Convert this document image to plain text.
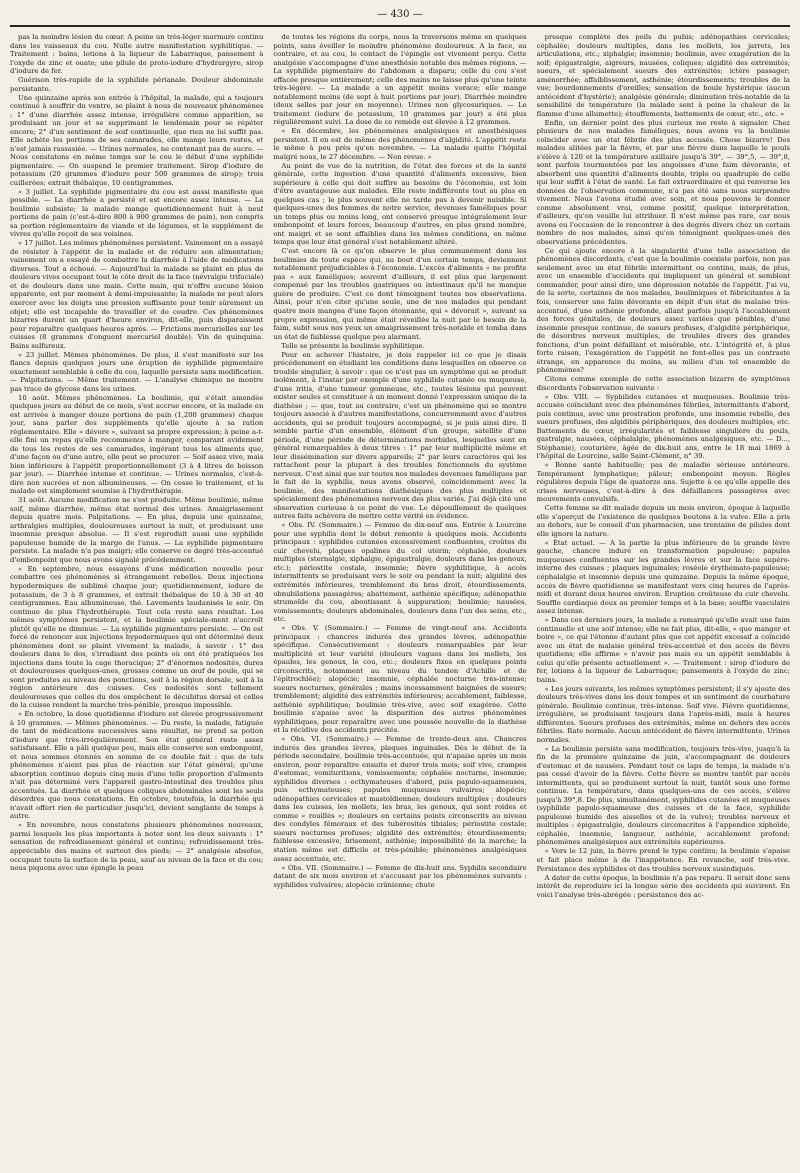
— 430 —

pas la moindre lésion du cœur. A peine un très-léger murmure continu dans les vaisseaux du cou. Nulle autre manifestation syphilitique. — Traitement : bains, lotions à la liqueur de Labarraque, pansement à l'oxyde de zinc et ouate; une pilule de proto-iodure d'hydrargyre, sirop d'iodure de fer.

Guérison très-rapide de la syphilide périanale. Douleur abdominale persistante.

Une quinzaine après son entrée à l'hôpital, la malade, qui a toujours continué à souffrir du ventre, se plaint à nous de nouveaux phénomènes : 1° d'une diarrhée assez intense, irrégulière comme apparition, se produisant un jour et se supprimant le lendemain pour se répéter encore; 2° d'un sentiment de soif continuelle, que rien ne lui suffit pas. Elle achète les portions de ses camarades, elle mange leurs restes, et n'est jamais rassasiée. — Urines normales, ne contenant pas de sucre. — Nous constatons en même temps sur le cou le début d'une syphilide pigmentaire. — On suspend le premier traitement. Sirop d'iodure de potassium (20 grammes d'iodure pour 500 grammes de sirop); trois cuillerées; extrait thébaïque, 10 centigrammes.

« 3 juillet. La syphilide pigmentaire du cou est aussi manifeste que possible. — La diarrhée a persisté et est encore assez intense. — La boulimie subsiste; la malade mange quotidiennement huit à neuf portions de pain (c'est-à-dire 800 à 900 grammes de pain), non compris sa portion réglementaire de viande et de légumes, et le supplément de vivres qu'elle reçoit de ses voisines.

« 17 juillet. Les mêmes phénomènes persistent. Vainement on a essayé de résister à l'appétit de la malade et de réduire son alimentation; vainement on a essayé de combattre la diarrhée à l'aide de médications diverses. Tout a échoué. — Aujourd'hui la malade se plaint en plus de douleurs vives occupant tout le côté droit de la face (névralgie trifaciale) et de douleurs dans une main. Cette main, qui n'offre aucune lésion apparente, est par moment à demi-impuissante; la malade ne peut alors exercer avec les doigts une pression suffisante pour tenir sûrement un objet; elle est incapable de travailler et de coudre. Ces phénomènes bizarres durent un quart d'heure environ, dit-elle, puis disparaissent pour reparaître quelques heures après. — Frictions mercurielles sur les cuisses (8 grammes d'onguent mercuriel double). Vin de quinquina. Bains sulfureux.

« 23 juillet. Mêmes phénomènes. De plus, il s'est manifesté sur les flancs depuis quelques jours une éruption de syphilide pigmentaire exactement semblable à celle du cou, laquelle persiste sans modification. — Palpitations. — Même traitement. — L'analyse chimique ne montre pas trace de glycose dans les urines.

10 août. Mêmes phénomènes. La boulimie, qui s'était amendée quelques jours au début de ce mois, s'est accrue encore, et la malade en est arrivée à manger douze portions de pain (1,200 grammes) chaque jour, sans parler des suppléments qu'elle ajoute à sa ration réglementaire. Elle « dévore », suivant sa propre expression; à peine a-t-elle fini un repas qu'elle recommence à manger, comparant avidement de tous les restes de ses camarades, ingérant tous les aliments que, d'une façon ou d'une autre, elle peut se procurer. — Soif assez vive, mais bien inférieure à l'appétit proportionnellement (3 à 4 litres de boisson par jour). — Diarrhée intense et continue. — Urines normales, c'est-à-dire non sucrées et non albumineuses. — On cesse le traitement, et la malade est simplement soumise à l'hydrothérapie.

31 août. Aucune modification ne s'est produite. Même boulimie, même soif, même diarrhée, même état normal des urines. Amaigrissement depuis quatre mois. Palpitations. — En plus, depuis une quinzaine, arthralgies multiples, douloureuses surtout la nuit, et produisant une insomnie presque absolue. — Il s'est reproduit aussi une syphilide papuleuse humide de la marge de l'anus. — La syphilide pigmentaire persiste. La malade n'a pas maigri; elle conserve ce degré très-accentué d'embonpoint que nous avons signalé précédemment.

« En septembre, nous essayons d'une médication nouvelle pour combattre ces phénomènes si étrangement rebelles. Deux injections hypodermiques de sublimé chaque jour; quotidiennement, iodure de potassium, de 3 à 8 grammes, et extrait thébaïque de 10 à 30 et 40 centigrammes. Eau albumineuse, thé. Lavements laudanisés le soir. On continue de plus l'hydrothérapie. Tout cela reste sans résultat. Les mêmes symptômes persistent, et la boulimie spéciale-ment n'accroît plutôt qu'elle ne diminue. — La syphilide pigmentaire persiste. — On est forcé de renoncer aux injections hypodermiques qui ont déterminé deux phénomènes dont se plaint vivement la malade, à savoir : 1° des douleurs dans le dos, s'irradiant des points où ont été pratiquées les injections dans toute la cage thoracique; 2° d'énormes nodosités, dures et douloureuses quelques-unes, grosses comme un œuf de poule, qui se sont produites au niveau des ponctions, soit à la région dorsale, soit à la région antérieure des cuisses. Ces nodosités sont tellement douloureuses que celles du dos empêchent le décubitus dorsal et celles de la cuisse rendent la marche très-pénible, presque impossible.

« En octobre, la dose quotidienne d'iodure est élevée progressivement à 10 grammes. — Mêmes phénomènes. — Du reste, la malade, fatiguée de tant de médications successives sans résultat, ne prend sa potion d'iodure que très-irrégulièrement. Son état général reste assez satisfaisant. Elle a pâli quelque peu, mais elle conserve son embonpoint, et nous sommes étonnés en somme de ce double fait : que de tels phénomènes n'aient pas plus de réaction sur l'état général; qu'une absorption continue depuis cinq mois d'une telle proportion d'aliments n'ait pas déterminé vers l'appareil gastro-intestinal des troubles plus accentués. La diarrhée et quelques coliques abdominales sont les seuls désordres que nous constations. En octobre, toutefois, la diarrhée qui n'avait offert rien de particulier jusqu'ici, devient sanglante de temps à autre.

« En novembre, nous constatons plusieurs phénomènes nouveaux, parmi lesquels les plus importants à noter sont les deux suivants : 1° sensation de refroidissement général et continu; refroidissement très-appréciable des mains et surtout des pieds; — 2° analgésie absolue, occupant toute la surface de la peau, sauf au niveau de la face et du cou; nous piquons avec une épingle la peau

de toutes les régions du corps, nous la traversons même en quelques points, sans éveiller le moindre phénomène douloureux. A la face, au contraire, et au cou, le contact de l'épingle est vivement perçu. Cette analgésie s'accompagne d'une anesthésie notable des mêmes régions. — La syphilide pigmentaire de l'abdomen a disparu; celle du cou s'est effacée presque entièrement; celle des mains ne laisse plus qu'une teinte très-légère. — La malade a un appétit moins vorace; elle mange notablement moins (de sept à huit portions par jour). Diarrhée moindre (deux selles par jour en moyenne). Urines non glycosuriques. — Le traitement (iodure de potassium, 10 grammes par jour) a été plus régulièrement suivi. La dose de ce remède est élevée à 12 grammes.

« En décembre, les phénomènes analgésiques et anesthésiques persistent. Il en est de même des phénomènes d'algidité. L'appétit reste le même à peu près qu'en novembre. — La malade quitte l'hôpital malgré nous, le 27 décembre. — Non revue. »

Au point de vue de la nutrition, de l'état des forces et de la santé générale, cette ingestion d'une quantité d'aliments excessive, bien supérieure à celle qui doit suffire au besoins de l'économie, est loin d'être avantageuse aux malades. Elle reste indifférente tout au plus en quelques cas ; le plus souvent elle ne tarde pas à devenir nuisible. Si quelques-unes des femmes de notre service, devenues faméliques pour un temps plus ou moins long, ont conservé presque intégralement leur embonpoint et leurs forces, beaucoup d'autres, en plus grand nombre, ont maigri et se sont affaiblies dans les mêmes conditions, en même temps que leur état général s'est notablement altéré.

C'est encore là ce qu'on observe le plus communément dans les boulimies de toute espèce qui, au bout d'un certain temps, deviennent notablement préjudiciables à l'économie. L'excès d'aliments « ne profite pas » aux faméliques; souvent d'ailleurs, il est plus que largement compensé par les troubles gastriques ou intestinaux qu'il ne manque guère de produire. C'est ce dont témoignent toutes nos observations. Ainsi, pour n'en citer qu'une seule, une de nos malades qui pendant quatre mois mangea d'une façon étonnante, qui « dévorait », suivant sa propre expression, qui même était réveillée la nuit par le besoin de la faim, subit sous nos yeux un amaigrissement très-notable et tomba dans un état de faiblesse quelque peu alarmant.

Telle se présente la boulimie syphilitique.

Pour en achever l'histoire, je dois rappeler ici ce que je disais précédemment en étudiant les conditions dans lesquelles on observe ce trouble singulier, à savoir : que ce n'est pas un symptôme qui se produit isolément, à l'instar par exemple d'une syphilide cutanée ou muqueuse, d'une iritis, d'une tumeur gommeuse, etc., toutes lésions qui peuvent exister seules et constituer à un moment donné l'expression unique de la diathèse ; — que, tout au contraire, c'est un phénomène qui se montre toujours associé à d'autres manifestations, concurremment avec d'autres accidents, qui se produit toujours accompagné, si je puis ainsi dire. Il semble partie d'un ensemble, élément d'un groupe, satellite d'une période, d'une période de déterminations morbides, lesquelles sont en général remarquables à deux titres : 1° par leur multiplicité même et leur dissémination sur divers appareils; 2° par leurs caractères qui les rattachent pour la plupart à des troubles fonctionnels du système nerveux. C'est ainsi que sur toutes nos malades devenues faméliques par le fait de la syphilis, nous avons observé, coïncidemment avec la boulimie, des manifestations diathésiques des plus multiples et spécialement des phénomènes nerveux des plus variés. J'ai déjà cité une observation curieuse à ce point de vue. Le dépouillement de quelques autres faits achèvera de mettre cette vérité en évidence.

« Obs. IV. (Sommaire.) — Femme de dix-neuf ans. Entrée à Lourcine pour une syphilis dont le début remonte à quelques mois. Accidents principaux : syphilides cutanées excessivement confluentes, croûtes du cuir chevelu, plaques opalines du col utérin; céphalée, douleurs multiples (sternalgie, xiphalgie, épigastralgie, douleurs dans les genoux, etc.); périostite costale, insomnie; fièvre syphilitique, à accès intermittents se produisant vers le soir ou pendant la nuit; algidité des extrémités inférieures, tremblement du bras droit, étourdissements, obnubilations passagères; abattement, asthénie spécifique; adénopathie strumoïde du cou, aboutissant à suppuration; boulimie; nausées, vomissements; douleurs abdominales, douleurs dans l'un des seins, etc., etc.

« Obs. V. (Sommaire.) — Femme de vingt-neuf ans. Accidents principaux : chancres indurés des grandes lèvres, adénopathie spécifique. Consécutivement : douleurs remarquables par leur multiplicité et leur variété (douleurs vagues dans les mollets, les épaules, les genoux, le cou, etc.; douleurs fixes en quelques points circonscrits, notamment au niveau du tendon d'Achille et de l'épitrochlée); alopécie; insomnie, céphalée nocturne très-intense; sueurs nocturnes, générales ; mains incessamment baignées de sueurs; tremblement; algidité des extrémités inférieures; accablement, faiblesse, asthénie syphilitique; boulimie très-vive, avec soif exagérée. Cette boulimie s'apaise avec la disparition des autres phénomènes syphilitiques, pour reparaître avec une poussée nouvelle de la diathèse et la récidive des accidents précités.

« Obs. VI. (Sommaire.) — Femme de trente-deux ans. Chancres indurés des grandes lèvres, plaques inguinales. Dès le début de la période secondaire, boulimie très-accentuée, qui n'apaise après un mois environ, pour reparaître ensuite et durer trois mois; soif vive, crampes d'estomac, vomituritions, vomissements; céphalée nocturne, insomnie; syphilides diverses : ecthymateuses d'abord, puis papulo-squameuses, puis ecthymateuses; papules muqueuses vulvaires; alopécie; adénopathies cervicales et mastoïdiennes; douleurs multiples ; douleurs dans les cuisses, les mollets, les bras, les genoux, qui sont roides et comme « rouillés »; douleurs en certains points circonscrits au niveau des condyles fémoraux et des tubérosités tibiales; périostite costale; sueurs nocturnes profuses; algidité des extrémités; étourdissements; faiblesse excessive, brisement, asthénie; impossibilité de la marche; la station même est difficile et très-pénible; phénomènes analgésiques assez accentués, etc.

« Obs. VII. (Sommaire.) — Femme de dix-huit ans. Syphilis secondaire datant de six mois environ et s'accusant par les phénomènes suivants : syphilides vulvaires; alopécie crânienne; chute

presque complète des poils du pubis; adénopathies cervicales; céphalée; douleurs multiples, dans les mollets, les jarrets, les articulations, etc.; xiphalgie; insomnie; boulimie, avec exagération de la soif; épigastralgie, aigreurs, nausées, coliques; algidité des extrémités; sueurs, et spécialement sueurs des extrémités; ictère passager; aménorrhée; affaiblissement, asthénie; étourdissements; troubles de la vue; bourdonnements d'oreilles; sensation de boule hystérique (aucun antécédent d'hystérie); analgésie générale; diminution très-notable de la sensibilité de température (la malade sent à peine la chaleur de la flamme d'une allumette); étouffements, battements de cœur, etc., etc. »

Enfin, un dernier point des plus curieux me reste à signaler. Chez plusieurs de nos malades faméliques, nous avons vu la boulimie coïncider avec un état fébrile des plus accusés. Chose bizarre! Des malades alitées par la fièvre, et par une fièvre dans laquelle le pouls s'élève à 120 et la température axillaire jusqu'à 39°, — 39°,5, — 39°,8, sont parfois tourmentées par les angoisses d'une faim dévorante, et absorbent une quantité d'aliments double, triple ou quadruple de celle qui leur suffit à l'état de santé. Le fait extraordinaire et qui renverse les données de l'observation commune, n'a pas été sans nous surprendre vivement. Nous l'avons étudié avec soin, et nous pouvons le donner comme absolument vrai, comme positif, quelque interprétation, d'ailleurs, qu'on veuille lui attribuer. Il n'est même pas rare, car nous avons eu l'occasion de le rencontrer à des degrés divers chez un certain nombre de nos malades, ainsi qu'en témoignent quelques-unes des observations précédentes.

Ce qui ajoute encore à la singularité d'une telle association de phénomènes discordants, c'est que la boulimie coexiste parfois, non pas seulement avec un état fébrile intermittent ou continu, mais, de plus, avec un ensemble d'accidents qui impliquent un général et semblent commander, pour ainsi dire, une dépression notable de l'appétit. J'ai vu, de la sorte, certaines de nos malades, boulimiques et fébricitantes à la fois, conserver une faim dévorante en dépit d'un état de malaise très-accentué, d'une asthénie profonde, allant parfois jusqu'à l'accablement des forces génitales, de douleurs assez variées que pénibles, d'une insomnie presque continue, de sueurs profuses, d'algidité périphérique, de désordres nerveux multiples, de troubles divers des grandes fonctions, d'un point défaillant et misérable, etc. L'intégrité et, à plus forte raison, l'exagération de l'appétit ne font-elles pas un contraste étrange, en apparence du moins, au milieu d'un tel ensemble de phénomènes?

Citons comme exemple de cette association bizarre de symptômes discordants l'observation suivante :

« Obs. VIII. — Syphilides cutanées et muqueuses. Boulimie très-accusée coïncidant avec des phénomènes fébriles, intermittents d'abord, puis continus, avec une prostration profonde, une insomnie rebelle, des sueurs profuses, des algidités périphériques, des douleurs multiples, etc. Battements de cœur, irrégularités et faiblesse singulière du pouls, gastralgie, nausées, céphalalgie, phénomènes analgésiques, etc. — D..., Stéphanie), couturière, âgée de dix-huit ans, entre le 18 mai 1869 à l'hôpital de Lourcine, salle Saint-Clément, n° 39.

« Bonne santé habituelle; pas de maladie sérieuse antérieure. Tempérament lymphatique; pâleur; embonpoint moyen. Règles régulières depuis l'âge de quatorze ans. Sujette à ce qu'elle appelle des crises nerveuses, c'est-à-dire à des défaillances passagères avec mouvements convulsifs.

Cette femme se dit malade depuis un mois environ, époque à laquelle elle s'aperçut de l'existence de quelques boutons à la vulve. Elle a pris au dehors, sur le conseil d'un pharmacien, une trentaine de pilules dont elle ignore la nature.

« État actuel. — A la partie la plus inférieure de la grande lèvre gauche, chancre induré en transformation papuleuse; papules muqueuses confluentes sur les grandes lèvres et sur la face supéro-interne des cuisses ; plaques inguinales; roséole érythémato-papuleuse; céphalalgie et insomnie depuis une quinzaine. Depuis la même époque, accès de fièvre quotidienne se manifestant vers cinq heures de l'après-midi et durant deux heures environ. Éruption croûteuse du cuir chevelu. Souffle cardiaque doux au premier temps et à la base; souffle vasculaire assez intense.

« Dans ces derniers jours, la malade a remarqué qu'elle avait une faim continuelle et une soif intense; elle ne fait plus, dit-elle, « que manger et boire », ce qui l'étonne d'autant plus que cet appétit excessif a coïncidé avec un état de malaise général très-accentué et des accès de fièvre quotidiens; elle affirme « n'avoir pas mais eu un appétit semblable à celui qu'elle présente actuellement ». — Traitement : sirop d'iodure de fer, lotions à la liqueur de Labarraque; pansements à l'oxyde de zinc; bains.

« Les jours suivants, les mêmes symptômes persistent; il s'y ajoute des douleurs très-vives dans les deux tempes et un sentiment de courbature générale. Boulimie continue, très-intense. Soif vive. Fièvre quotidienne, irrégulière, se produisant toujours dans l'après-midi, mais à heures différentes. Sueurs profuses des extrémités, même en dehors des accès fébriles. Rate normale. Aucun antécédent de fièvre intermittente. Urines normales.

« La boulimie persiste sans modification, toujours très-vive, jusqu'à la fin de la première quinzaine de juin, s'accompagnant de douleurs d'estomac et de nausées. Pendant tout ce laps de temps, la malade n'a pas cessé d'avoir de la fièvre. Cette fièvre se montre tantôt par accès intermittents, qui se produisent surtout la nuit, tantôt sous une forme continue. La température, dans quelques-uns de ces accès, s'élève jusqu'à 39°,8. De plus, simultanément, syphilides cutanées et muqueuses (syphilide papulo-squameuse des cuisses et de la face, syphilide papuleuse humide des aisselles et de la vulve); troubles nerveux et multiples : épigastralgie, douleurs circonscrites à l'appendice xiphoïde, céphalée, insomnie, langueur, asthénie, accablement profond; phénomènes analgésiques aux extrémités supérieures.

« Vers le 12 juin, la fièvre prend le type continu; la boulimie s'apaise et fait place même à de l'inappétence. En revanche, soif très-vive. Persistance des syphilides et des troubles nerveux susindiqués.

A dater de cette époque, la boulimie n'a pas reparu. Il serait donc sans intérêt de reproduire ici la longue série des accidents qui suivirent. En voici l'analyse très-abrégée : persistance des ac-
